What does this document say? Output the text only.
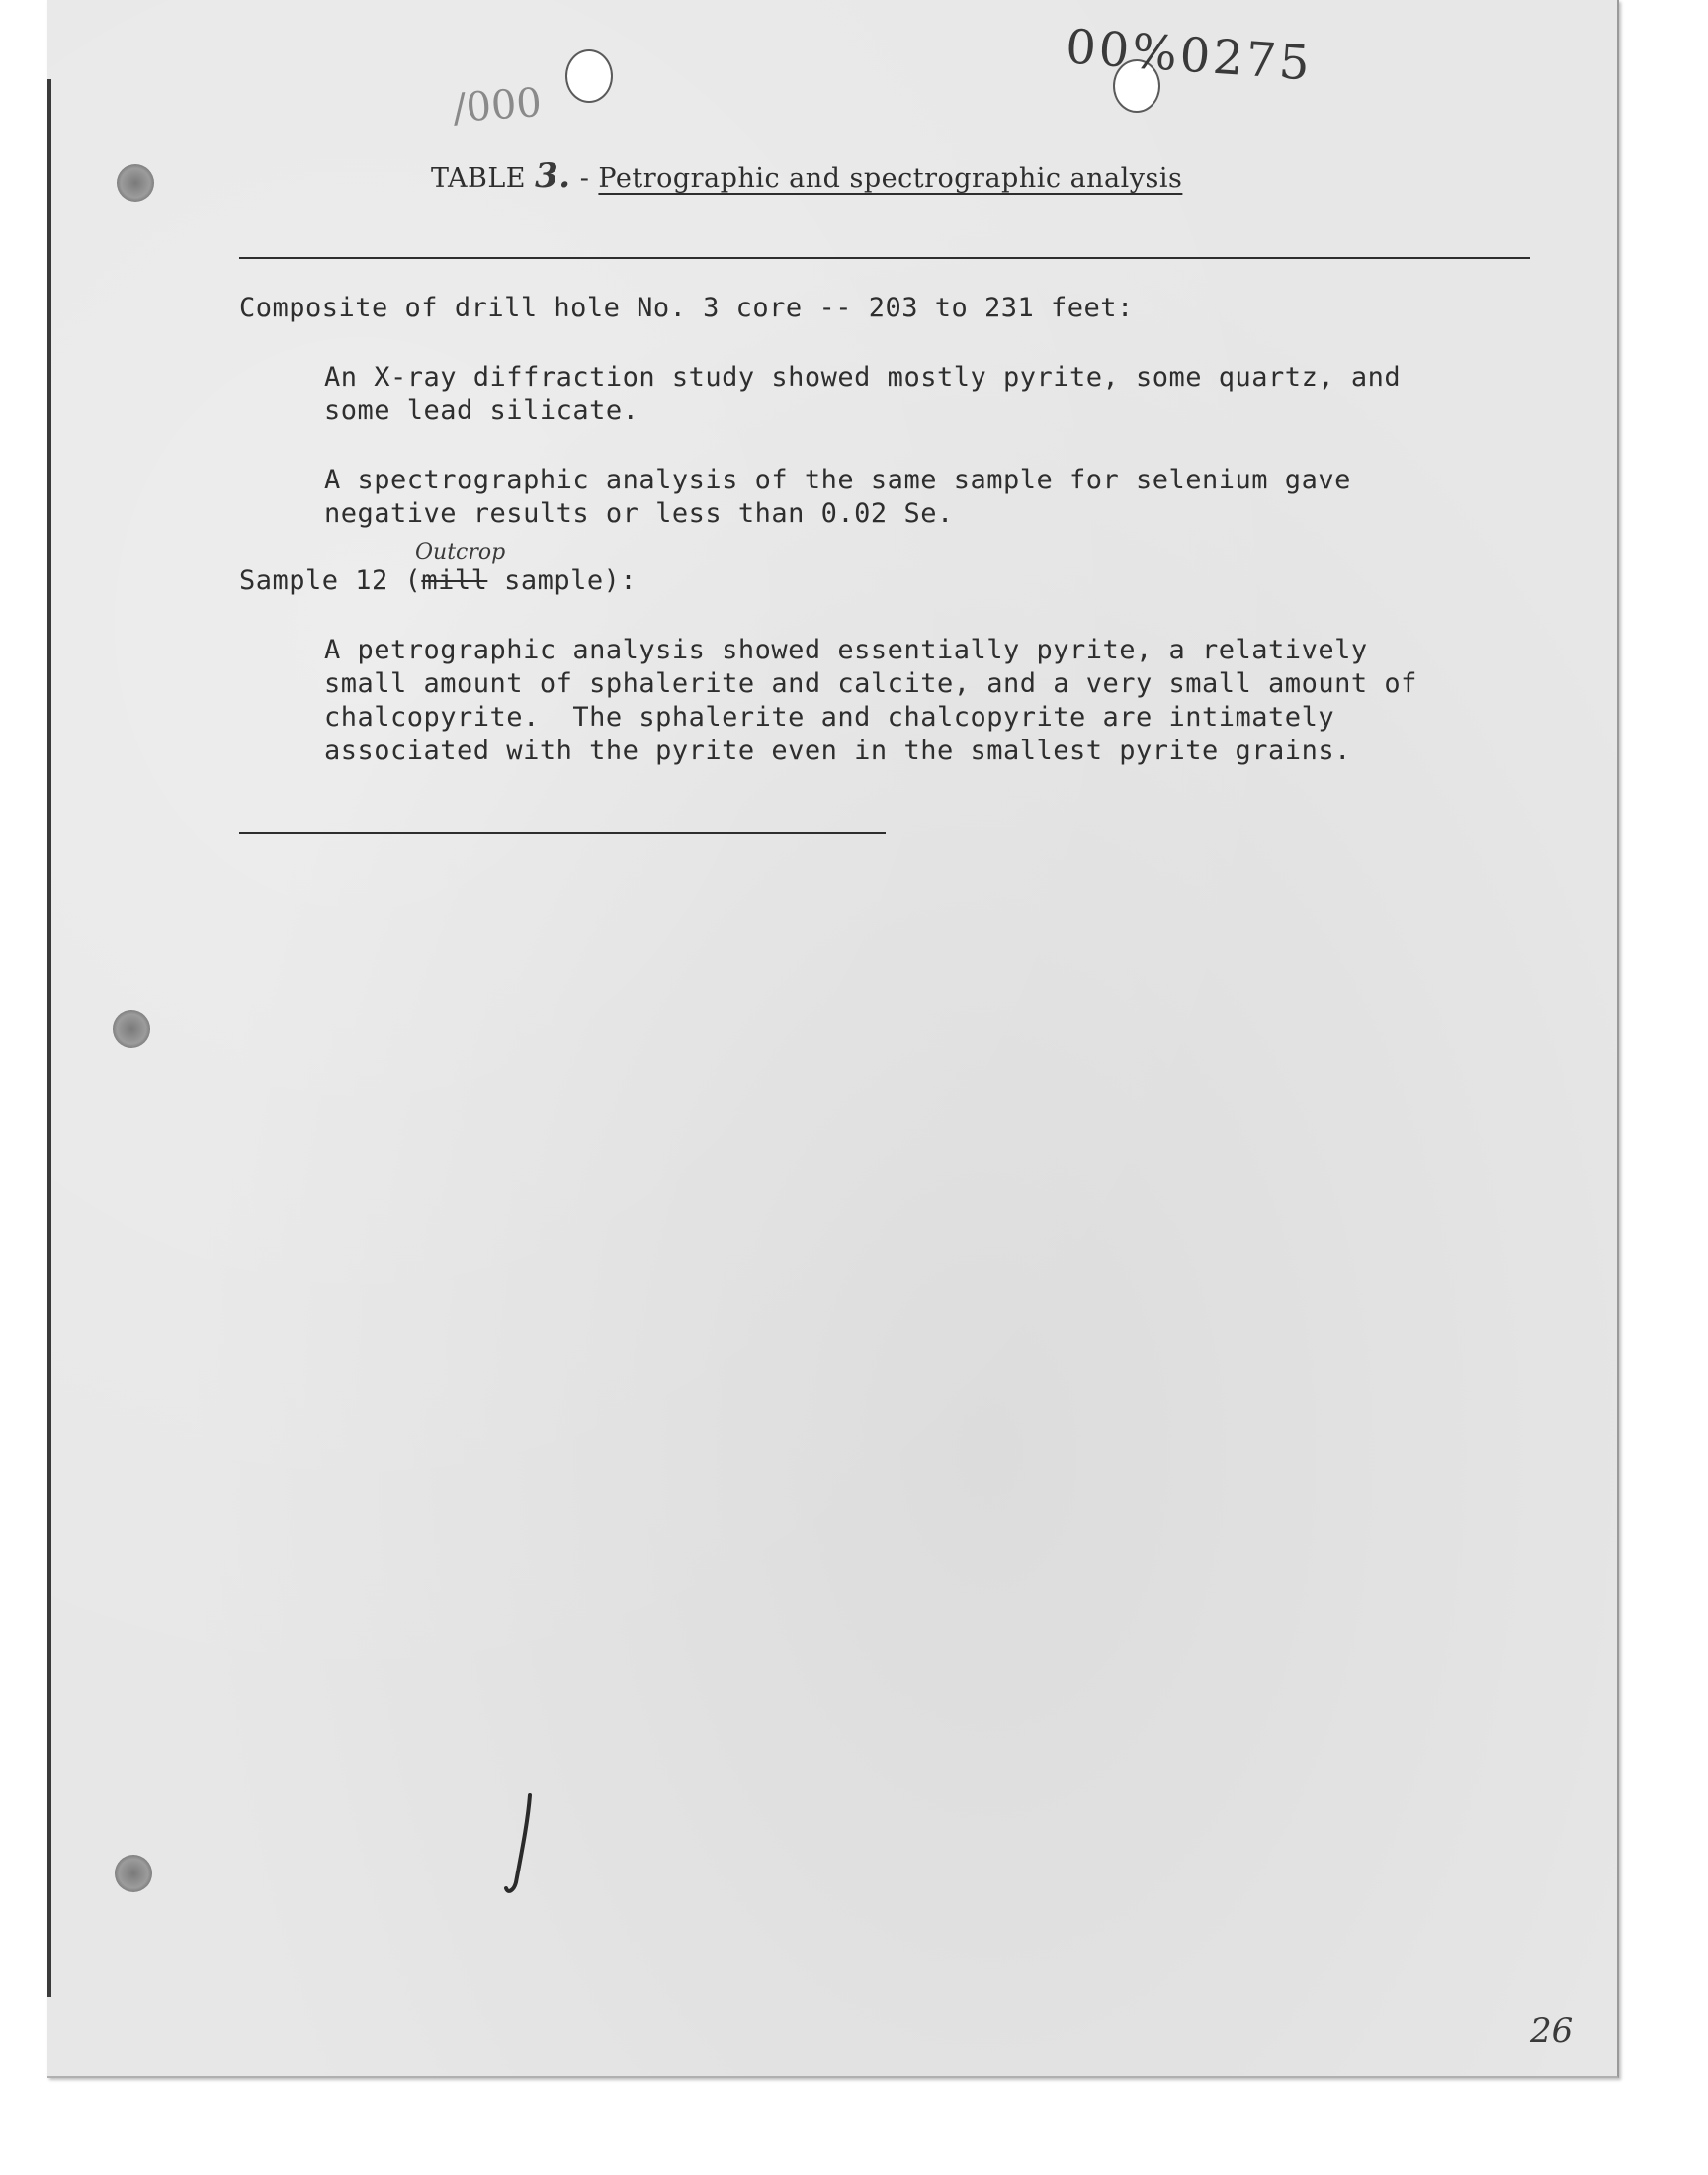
/000
00%0275
TABLE 3. - Petrographic and spectrographic analysis

Composite of drill hole No. 3 core -- 203 to 231 feet:

An X-ray diffraction study showed mostly pyrite, some quartz, and

some lead silicate.

A spectrographic analysis of the same sample for selenium gave

negative results or less than 0.02 Se.

Outcrop

Sample 12 (mill sample):

A petrographic analysis showed essentially pyrite, a relatively

small amount of sphalerite and calcite, and a very small amount of

chalcopyrite.  The sphalerite and chalcopyrite are intimately

associated with the pyrite even in the smallest pyrite grains.

26
